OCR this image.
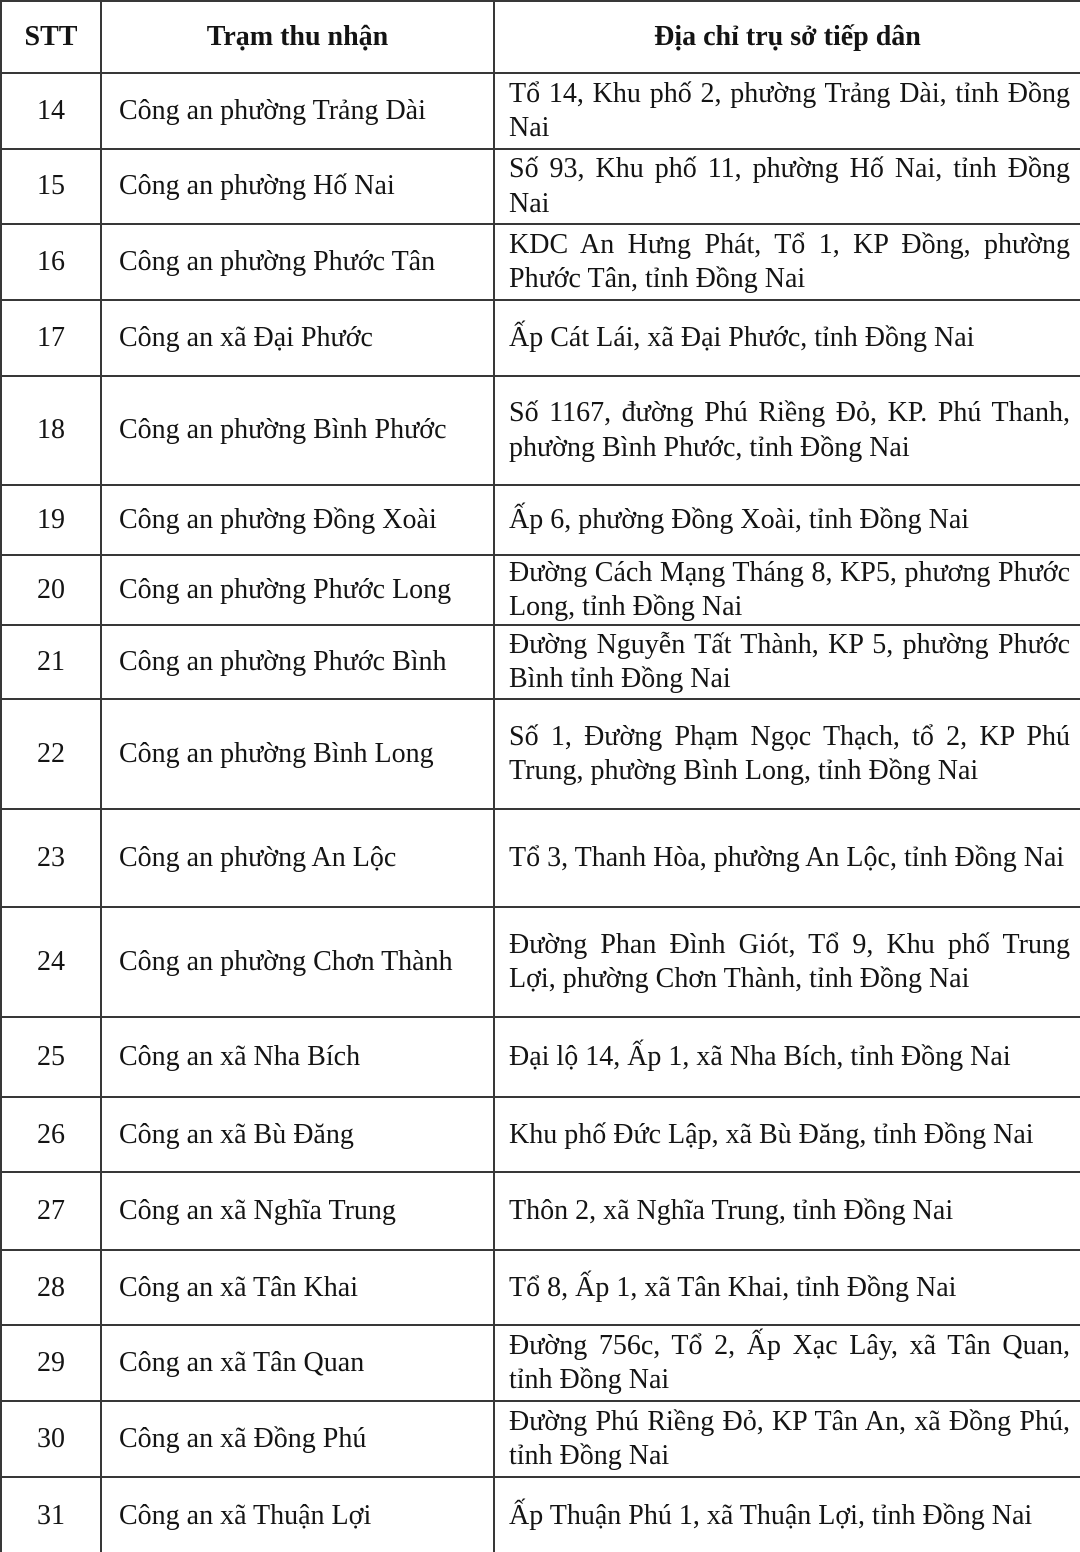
STT	Trạm thu nhận	Địa chỉ trụ sở tiếp dân
14	Công an phường Trảng Dài	Tổ 14, Khu phố 2, phường Trảng Dài, tỉnh Đồng Nai
15	Công an phường Hố Nai	Số 93, Khu phố 11, phường Hố Nai, tỉnh Đồng Nai
16	Công an phường Phước Tân	KDC An Hưng Phát, Tổ 1, KP Đồng, phường Phước Tân, tỉnh Đồng Nai
17	Công an xã Đại Phước	Ấp Cát Lái, xã Đại Phước, tỉnh Đồng Nai
18	Công an phường Bình Phước	Số 1167, đường Phú Riềng Đỏ, KP. Phú Thanh, phường Bình Phước, tỉnh Đồng Nai
19	Công an phường Đồng Xoài	Ấp 6, phường Đồng Xoài, tỉnh Đồng Nai
20	Công an phường Phước Long	Đường Cách Mạng Tháng 8, KP5, phương Phước Long, tỉnh Đồng Nai
21	Công an phường Phước Bình	Đường Nguyễn Tất Thành, KP 5, phường Phước Bình tỉnh Đồng Nai
22	Công an phường Bình Long	Số 1, Đường Phạm Ngọc Thạch, tổ 2, KP Phú Trung, phường Bình Long, tỉnh Đồng Nai
23	Công an phường An Lộc	Tổ 3, Thanh Hòa, phường An Lộc, tỉnh Đồng Nai
24	Công an phường Chơn Thành	Đường Phan Đình Giót, Tổ 9, Khu phố Trung Lợi, phường Chơn Thành, tỉnh Đồng Nai
25	Công an xã Nha Bích	Đại lộ 14, Ấp 1, xã Nha Bích, tỉnh Đồng Nai
26	Công an xã Bù Đăng	Khu phố Đức Lập, xã Bù Đăng, tỉnh Đồng Nai
27	Công an xã Nghĩa Trung	Thôn 2, xã Nghĩa Trung, tỉnh Đồng Nai
28	Công an xã Tân Khai	Tổ 8, Ấp 1, xã Tân Khai, tỉnh Đồng Nai
29	Công an xã Tân Quan	Đường 756c, Tổ 2, Ấp Xạc Lây, xã Tân Quan, tỉnh Đồng Nai
30	Công an xã Đồng Phú	Đường Phú Riềng Đỏ, KP Tân An, xã Đồng Phú, tỉnh Đồng Nai
31	Công an xã Thuận Lợi	Ấp Thuận Phú 1, xã Thuận Lợi, tỉnh Đồng Nai
